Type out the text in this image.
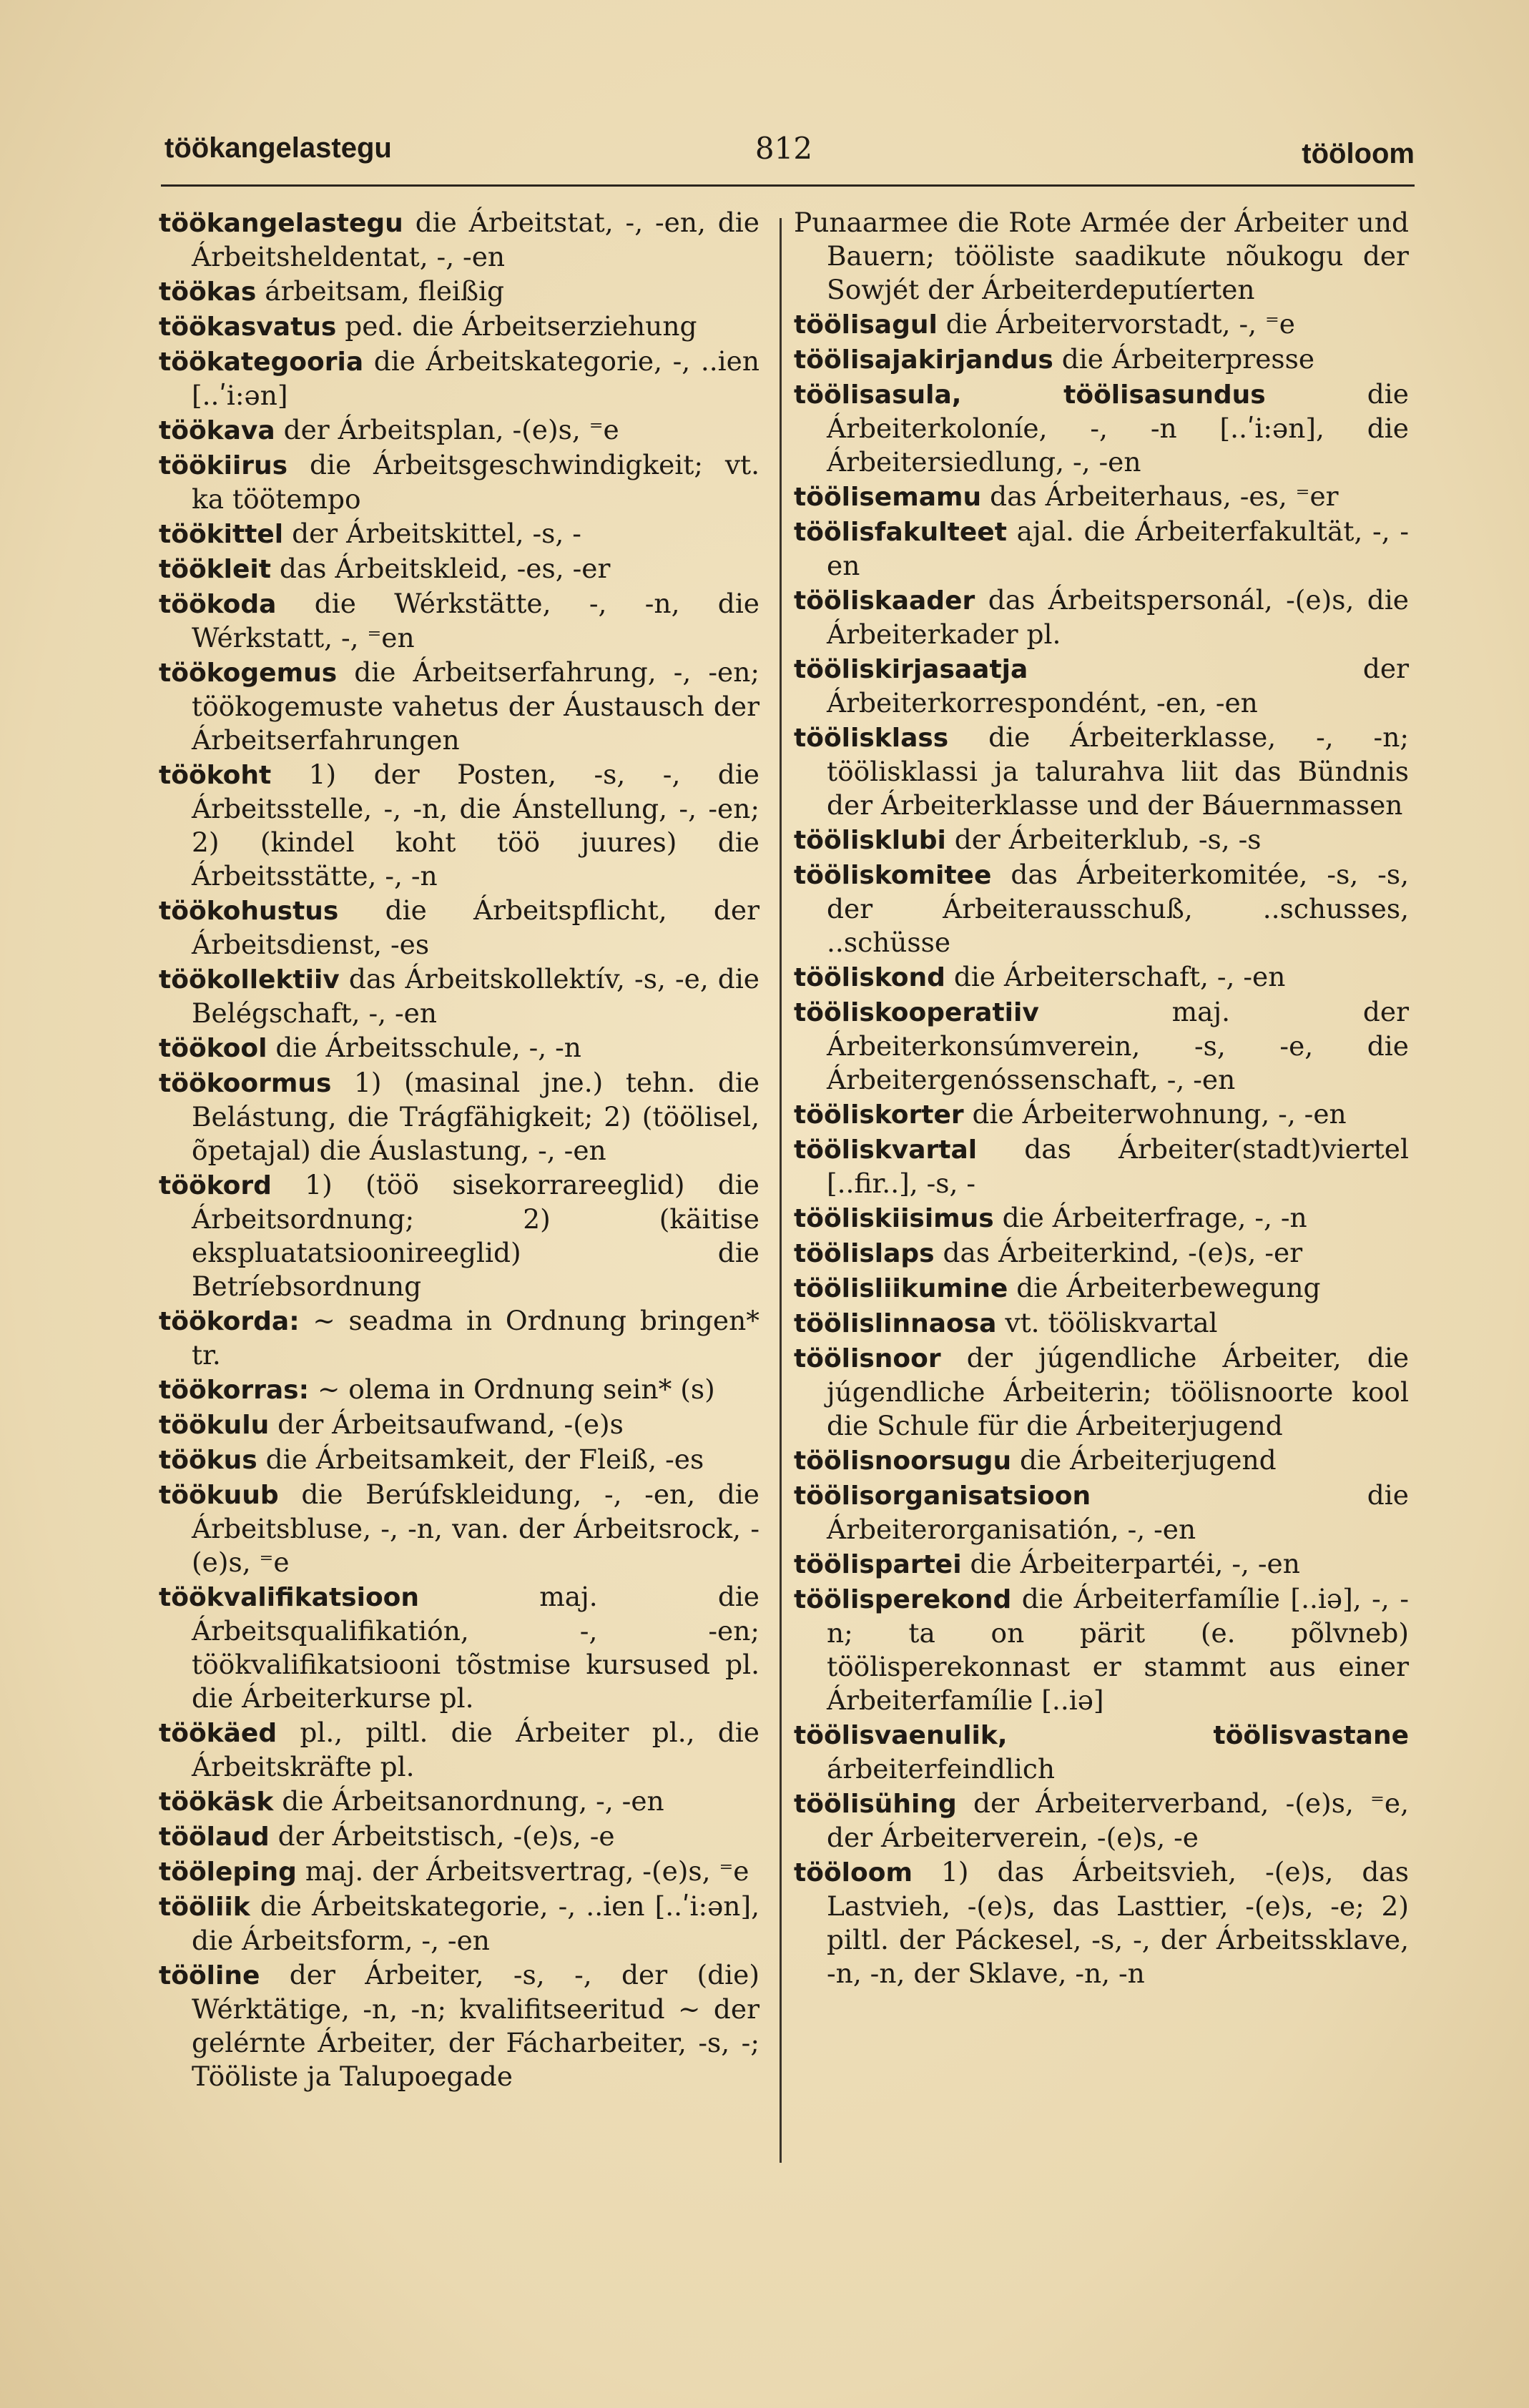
töökangelastegu	812	tööloom
töökangelastegu die Árbeitstat, -, -en, die Árbeitsheldentat, -, -en
töökas árbeitsam, fleißig
töökasvatus ped. die Árbeitserziehung
töökategooria die Árbeitskategorie, -, ..ien [..ʹi:ən]
töökava der Árbeitsplan, -(e)s, ⁼e
töökiirus die Árbeitsgeschwindigkeit; vt. ka töötempo
töökittel der Árbeitskittel, -s, -
töökleit das Árbeitskleid, -es, -er
töökoda die Wérkstätte, -, -n, die Wérkstatt, -, ⁼en
töökogemus die Árbeitserfahrung, -, -en; töökogemuste vahetus der Áustausch der Árbeitserfahrungen
töökoht 1) der Posten, -s, -, die Árbeitsstelle, -, -n, die Ánstellung, -, -en; 2) (kindel koht töö juures) die Árbeitsstätte, -, -n
töökohustus die Árbeitspflicht, der Árbeitsdienst, -es
töökollektiiv das Árbeitskollektív, -s, -e, die Belégschaft, -, -en
töökool die Árbeitsschule, -, -n
töökoormus 1) (masinal jne.) tehn. die Belástung, die Trágfähigkeit; 2) (töölisel, õpetajal) die Áuslastung, -, -en
töökord 1) (töö sisekorrareeglid) die Árbeitsordnung; 2) (käitise ekspluatatsioonireeglid) die Betríebsordnung
töökorda: ~ seadma in Ordnung bringen* tr.
töökorras: ~ olema in Ordnung sein* (s)
töökulu der Árbeitsaufwand, -(e)s
töökus die Árbeitsamkeit, der Fleiß, -es
töökuub die Berúfskleidung, -, -en, die Árbeitsbluse, -, -n, van. der Árbeitsrock, -(e)s, ⁼e
töökvalifikatsioon	maj. die Árbeitsqualifikatión, -, -en; töökvalifikatsiooni tõstmise kursused pl. die Árbeiterkurse pl.
töökäed pl., piltl. die Árbeiter pl., die Árbeitskräfte pl.
töökäsk die Árbeitsanordnung, -, -en
töölaud der Árbeitstisch, -(e)s, -e
tööleping maj. der Árbeitsvertrag, -(e)s, ⁼e
tööliik die Árbeitskategorie, -, ..ien [..ʹi:ən], die Árbeitsform, -, -en
tööline der Árbeiter, -s, -, der (die) Wérktätige, -n, -n; kvalifitseeritud ~ der gelérnte Árbeiter, der Fácharbeiter, -s, -; Tööliste ja Talupoegade
Punaarmee die Rote Armée der Árbeiter und Bauern; tööliste saadikute nõukogu der Sowjét der Árbeiterdeputíerten
töölisagul die Árbeitervorstadt, -, ⁼e
töölisajakirjandus die Árbeiterpresse
töölisasula, töölisasundus	die Árbeiterkoloníe, -, -n [..ʹi:ən], die Árbeitersiedlung, -, -en
töölisemamu das Árbeiterhaus, -es, ⁼er
töölisfakulteet ajal. die Árbeiterfakultät, -, -en
tööliskaader das Árbeitspersonál, -(e)s, die Árbeiterkader pl.
tööliskirjasaatja	der Árbeiterkorrespondént, -en, -en
töölisklass die Árbeiterklasse, -, -n; töölisklassi ja talurahva liit das Bündnis der Árbeiterklasse und der Báuernmassen
töölisklubi der Árbeiterklub, -s, -s
tööliskomitee das Árbeiterkomitée, -s, -s, der Árbeiterausschuß, ..schusses, ..schüsse
tööliskond die Árbeiterschaft, -, -en
tööliskooperatiiv	maj. der Árbeiterkonsúmverein, -s, -e, die Árbeitergenóssenschaft, -, -en
tööliskorter die Árbeiterwohnung, -, -en
tööliskvartal das Árbeiter(stadt)viertel [..fir..], -s, -
tööliskiisimus die Árbeiterfrage, -, -n
töölislaps das Árbeiterkind, -(e)s, -er
töölisliikumine die Árbeiterbewegung
töölislinnaosa vt. tööliskvartal
töölisnoor der júgendliche Árbeiter, die júgendliche Árbeiterin; töölisnoorte kool die Schule für die Árbeiterjugend
töölisnoorsugu die Árbeiterjugend
töölisorganisatsioon	die Árbeiterorganisatión, -, -en
töölispartei die Árbeiterpartéi, -, -en
töölisperekond die Árbeiterfamílie [..iə], -, -n; ta on pärit (e. põlvneb) töölisperekonnast er stammt aus einer Árbeiterfamílie [..iə]
töölisvaenulik, töölisvastane árbeiterfeindlich
töölisühing der Árbeiterverband, -(e)s, ⁼e, der Árbeiterverein, -(e)s, -e
tööloom 1) das Árbeitsvieh, -(e)s, das Lastvieh, -(e)s, das Lasttier, -(e)s, -e; 2) piltl. der Páckesel, -s, -, der Árbeitssklave, -n, -n, der Sklave, -n, -n
